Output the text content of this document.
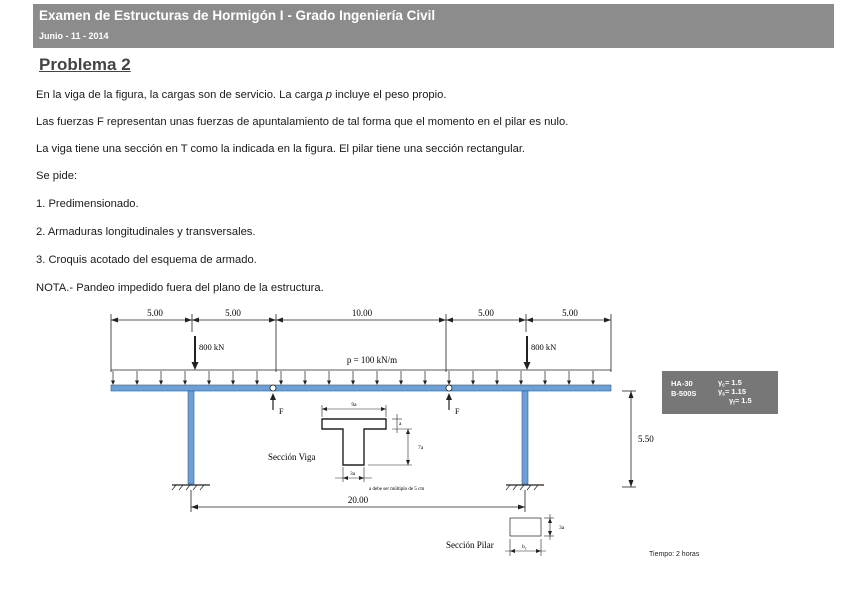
Examen de Estructuras de Hormigón I - Grado Ingeniería Civil
Junio - 11 - 2014
Problema 2
En la viga de la figura, la cargas son de servicio. La carga p incluye el peso propio.
Las fuerzas F representan unas fuerzas de apuntalamiento de tal forma que el momento en el pilar es nulo.
La viga tiene una sección en T como la indicada en la figura. El pilar tiene una sección rectangular.
Se pide:
1. Predimensionado.
2. Armaduras longitudinales y transversales.
3. Croquis acotado del esquema de armado.
NOTA.- Pandeo impedido fuera del plano de la estructura.
5.00	5.00	10.00	5.00	5.00
p = 100 kN/m
800 kN	800 kN
F	F
5.50
20.00
9a
a
7a
3a
a debe ser múltiplo de 5 cm
Sección Viga
3a
$b_c$
Sección Pilar
HA-30
B-500S
$\gamma_c= 1.5$
$\gamma_s= 1.15$
$\gamma_f= 1.5$
Tiempo: 2 horas
